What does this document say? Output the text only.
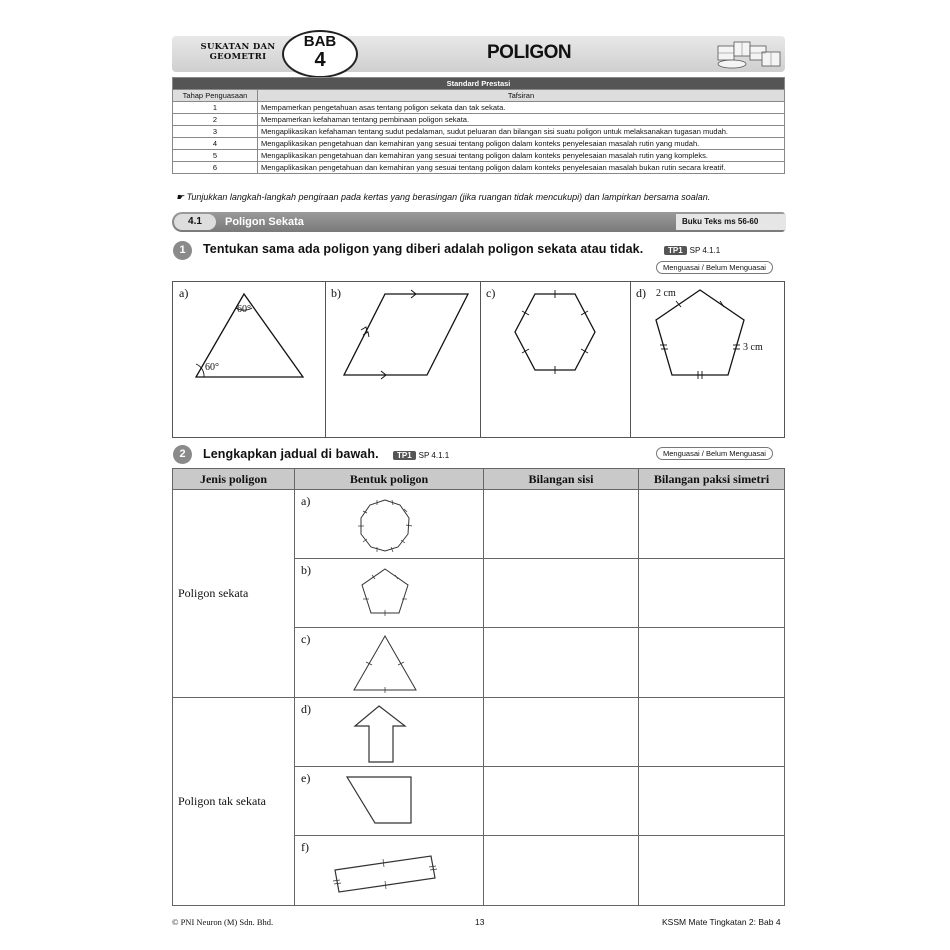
SUKATAN DAN
GEOMETRI	POLIGON
BAB
4
Standard Prestasi	
Tahap Penguasaan	Tafsiran
1	Mempamerkan pengetahuan asas tentang poligon sekata dan tak sekata.
2	Mempamerkan kefahaman tentang pembinaan poligon sekata.
3	Mengaplikasikan kefahaman tentang sudut pedalaman, sudut peluaran dan bilangan sisi suatu poligon untuk melaksanakan tugasan mudah.
4	Mengaplikasikan pengetahuan dan kemahiran yang sesuai tentang poligon dalam konteks penyelesaian masalah rutin yang mudah.
5	Mengaplikasikan pengetahuan dan kemahiran yang sesuai tentang poligon dalam konteks penyelesaian masalah rutin yang kompleks.
6	Mengaplikasikan pengetahuan dan kemahiran yang sesuai tentang poligon dalam konteks penyelesaian masalah bukan rutin secara kreatif.
☛ Tunjukkan langkah-langkah pengiraan pada kertas yang berasingan (jika ruangan tidak mencukupi) dan lampirkan bersama soalan.
4.1	Poligon Sekata	Buku Teks ms 56-60
1	Tentukan sama ada poligon yang diberi adalah poligon sekata atau tidak.	TP1 SP 4.1.1
Menguasai / Belum Menguasai
a)
60°
60°
b)	c)	d) 2 cm
3 cm
2	Lengkapkan jadual di bawah.	TP1 SP 4.1.1	Menguasai / Belum Menguasai
Jenis poligon	Bentuk poligon	Bilangan sisi	Bilangan paksi simetri
Poligon sekata	a)		

	b)		

	c)		

Poligon tak sekata	d)		

	e)		

	f)		

© PNI Neuron (M) Sdn. Bhd.	13	KSSM Mate Tingkatan 2: Bab 4
